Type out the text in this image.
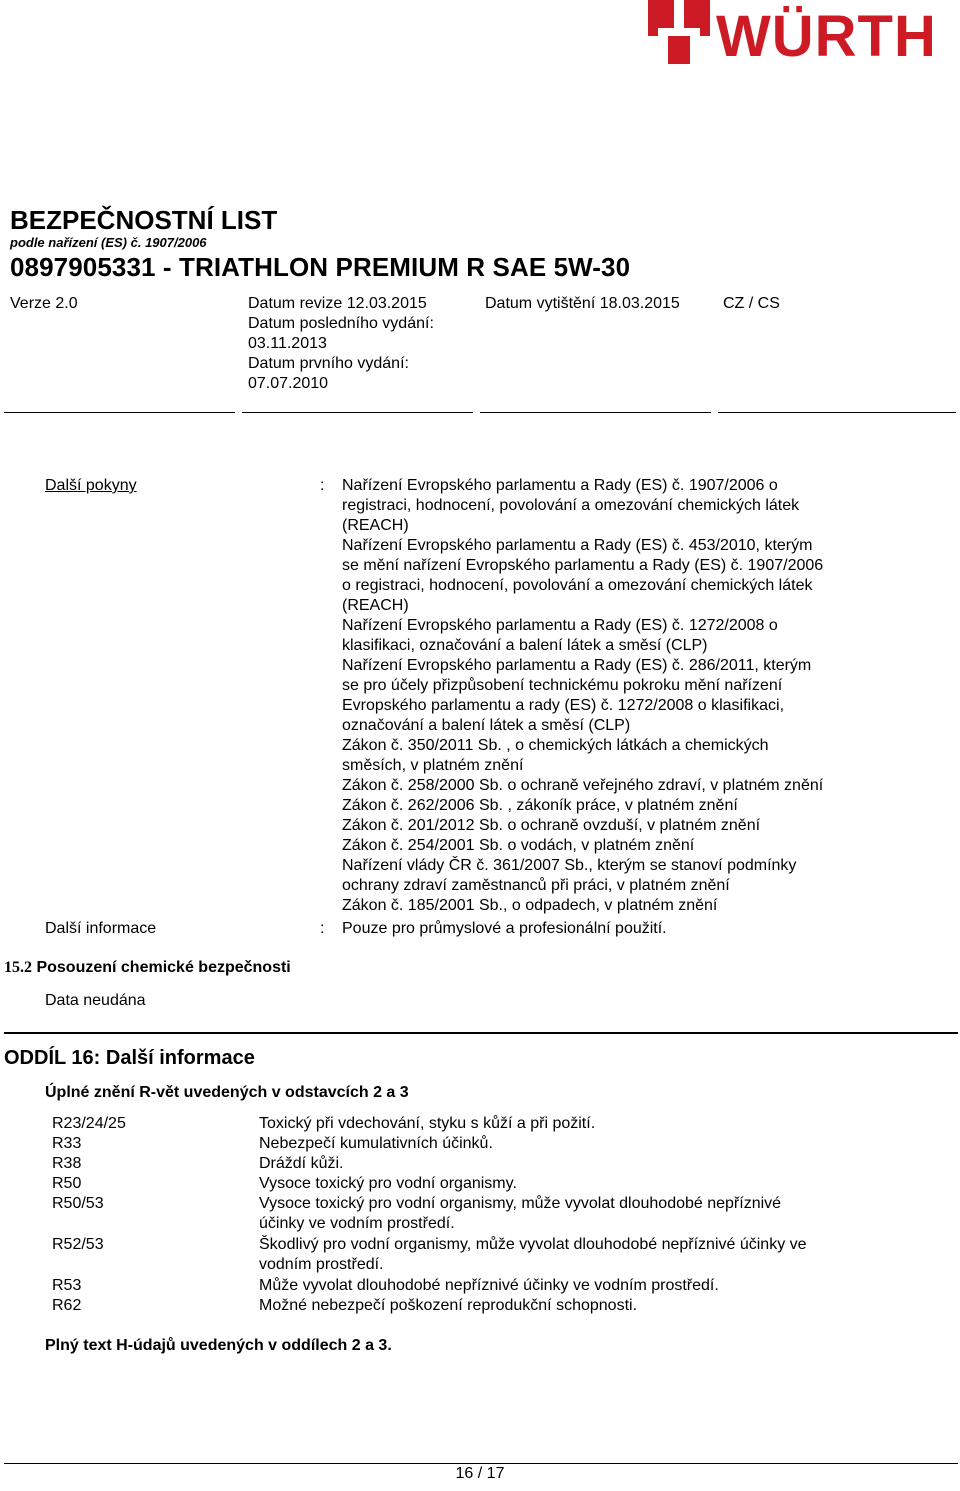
WÜRTH
BEZPEČNOSTNÍ LIST
podle nařízení (ES) č. 1907/2006
0897905331 - TRIATHLON PREMIUM R SAE 5W-30
Verze 2.0	Datum revize 12.03.2015
Datum posledního vydání:
03.11.2013
Datum prvního vydání:
07.07.2010
Datum vytištění 18.03.2015	CZ / CS
Další pokyny	: Nařízení Evropského parlamentu a Rady (ES) č. 1907/2006 o
registraci, hodnocení, povolování a omezování chemických látek
(REACH)
Nařízení Evropského parlamentu a Rady (ES) č. 453/2010, kterým
se mění nařízení Evropského parlamentu a Rady (ES) č. 1907/2006
o registraci, hodnocení, povolování a omezování chemických látek
(REACH)
Nařízení Evropského parlamentu a Rady (ES) č. 1272/2008 o
klasifikaci, označování a balení látek a směsí (CLP)
Nařízení Evropského parlamentu a Rady (ES) č. 286/2011, kterým
se pro účely přizpůsobení technickému pokroku mění nařízení
Evropského parlamentu a rady (ES) č. 1272/2008 o klasifikaci,
označování a balení látek a směsí (CLP)
Zákon č. 350/2011 Sb. , o chemických látkách a chemických
směsích, v platném znění
Zákon č. 258/2000 Sb. o ochraně veřejného zdraví, v platném znění
Zákon č. 262/2006 Sb. , zákoník práce, v platném znění
Zákon č. 201/2012 Sb. o ochraně ovzduší, v platném znění
Zákon č. 254/2001 Sb. o vodách, v platném znění
Nařízení vlády ČR č. 361/2007 Sb., kterým se stanoví podmínky
ochrany zdraví zaměstnanců při práci, v platném znění
Zákon č. 185/2001 Sb., o odpadech, v platném znění
Další informace	: Pouze pro průmyslové a profesionální použití.
15.2 Posouzení chemické bezpečnosti
Data neudána
ODDÍL 16: Další informace
Úplné znění R-vět uvedených v odstavcích 2 a 3
R23/24/25	Toxický při vdechování, styku s kůží a při požití.
R33	Nebezpečí kumulativních účinků.
R38	Dráždí kůži.
R50	Vysoce toxický pro vodní organismy.
R50/53	Vysoce toxický pro vodní organismy, může vyvolat dlouhodobé nepříznivé
účinky ve vodním prostředí.
R52/53	Škodlivý pro vodní organismy, může vyvolat dlouhodobé nepříznivé účinky ve
vodním prostředí.
R53	Může vyvolat dlouhodobé nepříznivé účinky ve vodním prostředí.
R62	Možné nebezpečí poškození reprodukční schopnosti.
Plný text H-údajů uvedených v oddílech 2 a 3.
16 / 17
